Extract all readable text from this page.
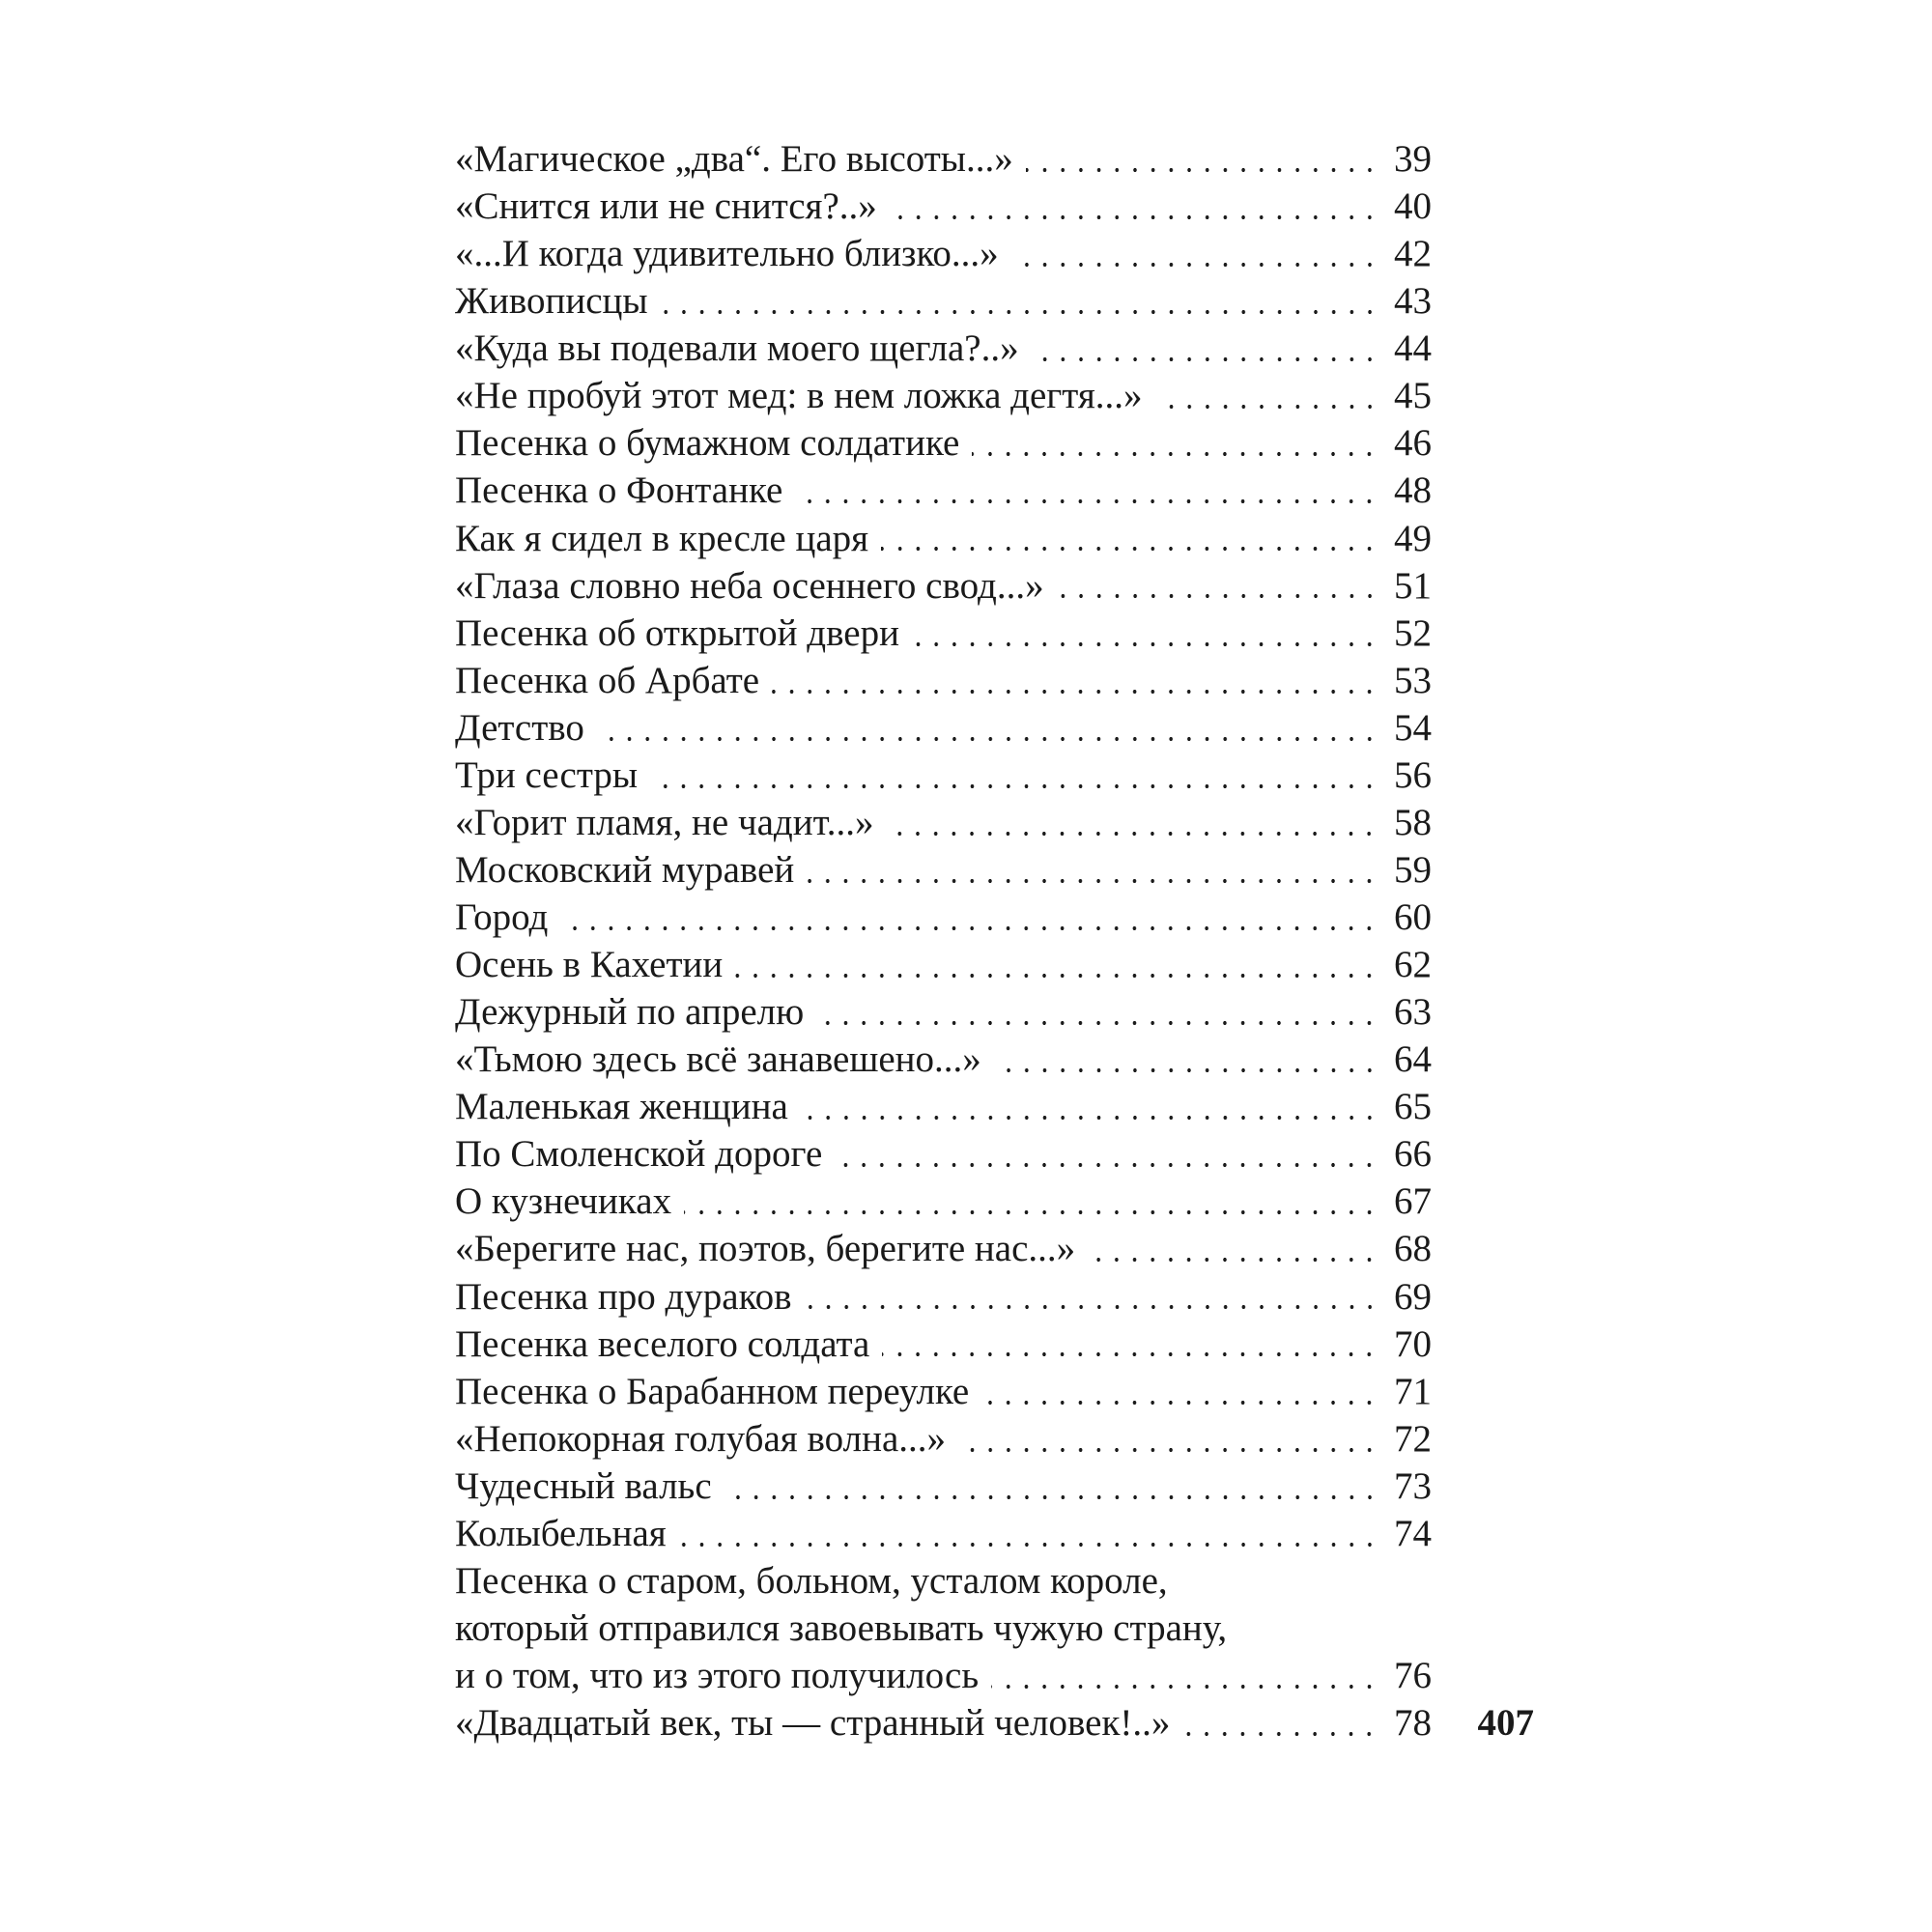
«Магическое „два“. Его высоты...»	39
«Снится или не снится?..»	40
«...И когда удивительно близко...»	42
Живописцы	43
«Куда вы подевали моего щегла?..»	44
«Не пробуй этот мед: в нем ложка дегтя...»	45
Песенка о бумажном солдатике	46
Песенка о Фонтанке	48
Как я сидел в кресле царя	49
«Глаза словно неба осеннего свод...»	51
Песенка об открытой двери	52
Песенка об Арбате	53
Детство	54
Три сестры	56
«Горит пламя, не чадит...»	58
Московский муравей	59
Город	60
Осень в Кахетии	62
Дежурный по апрелю	63
«Тьмою здесь всё занавешено...»	64
Маленькая женщина	65
По Смоленской дороге	66
О кузнечиках	67
«Берегите нас, поэтов, берегите нас...»	68
Песенка про дураков	69
Песенка веселого солдата	70
Песенка о Барабанном переулке	71
«Непокорная голубая волна...»	72
Чудесный вальс	73
Колыбельная	74
Песенка о старом, больном, усталом короле,
который отправился завоевывать чужую страну,
и о том, что из этого получилось	76
«Двадцатый век, ты — странный человек!..»	78	407
